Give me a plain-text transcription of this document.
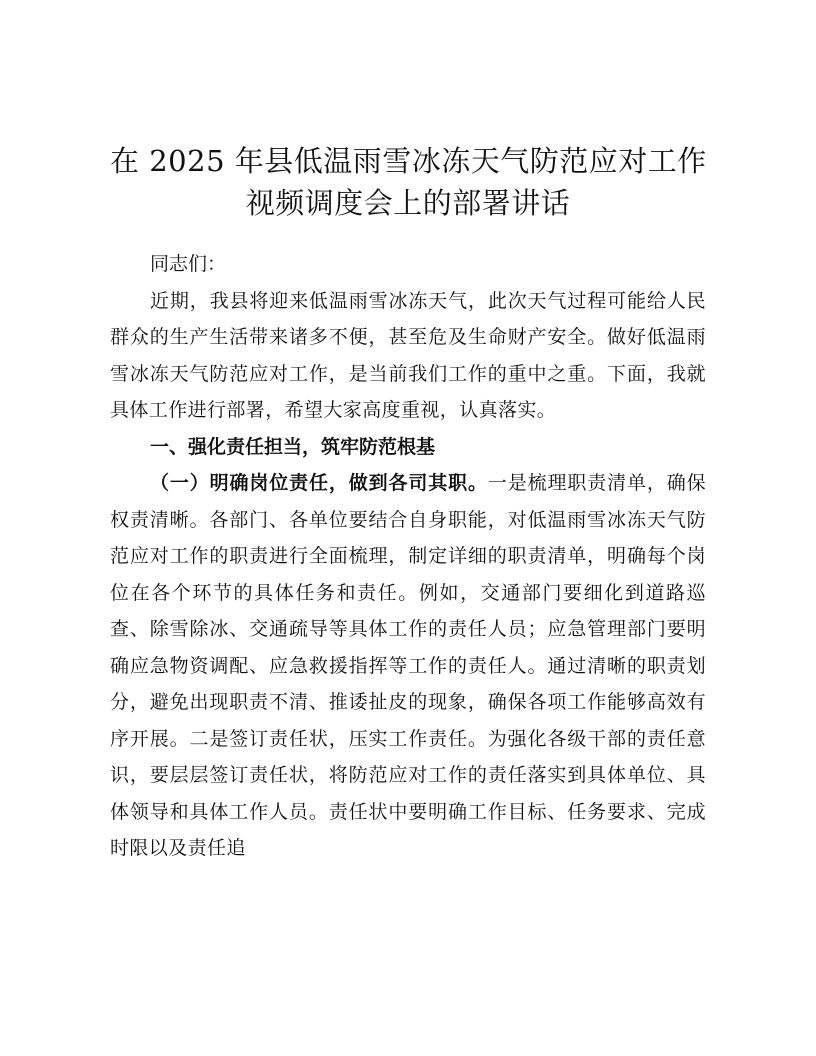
在 2025 年县低温雨雪冰冻天气防范应对工作
视频调度会上的部署讲话

同志们：

近期，我县将迎来低温雨雪冰冻天气，此次天气过程可能给人民群众的生产生活带来诸多不便，甚至危及生命财产安全。做好低温雨雪冰冻天气防范应对工作，是当前我们工作的重中之重。下面，我就具体工作进行部署，希望大家高度重视，认真落实。

一、强化责任担当，筑牢防范根基

（一）明确岗位责任，做到各司其职。一是梳理职责清单，确保权责清晰。各部门、各单位要结合自身职能，对低温雨雪冰冻天气防范应对工作的职责进行全面梳理，制定详细的职责清单，明确每个岗位在各个环节的具体任务和责任。例如，交通部门要细化到道路巡查、除雪除冰、交通疏导等具体工作的责任人员；应急管理部门要明确应急物资调配、应急救援指挥等工作的责任人。通过清晰的职责划分，避免出现职责不清、推诿扯皮的现象，确保各项工作能够高效有序开展。二是签订责任状，压实工作责任。为强化各级干部的责任意识，要层层签订责任状，将防范应对工作的责任落实到具体单位、具体领导和具体工作人员。责任状中要明确工作目标、任务要求、完成时限以及责任追
